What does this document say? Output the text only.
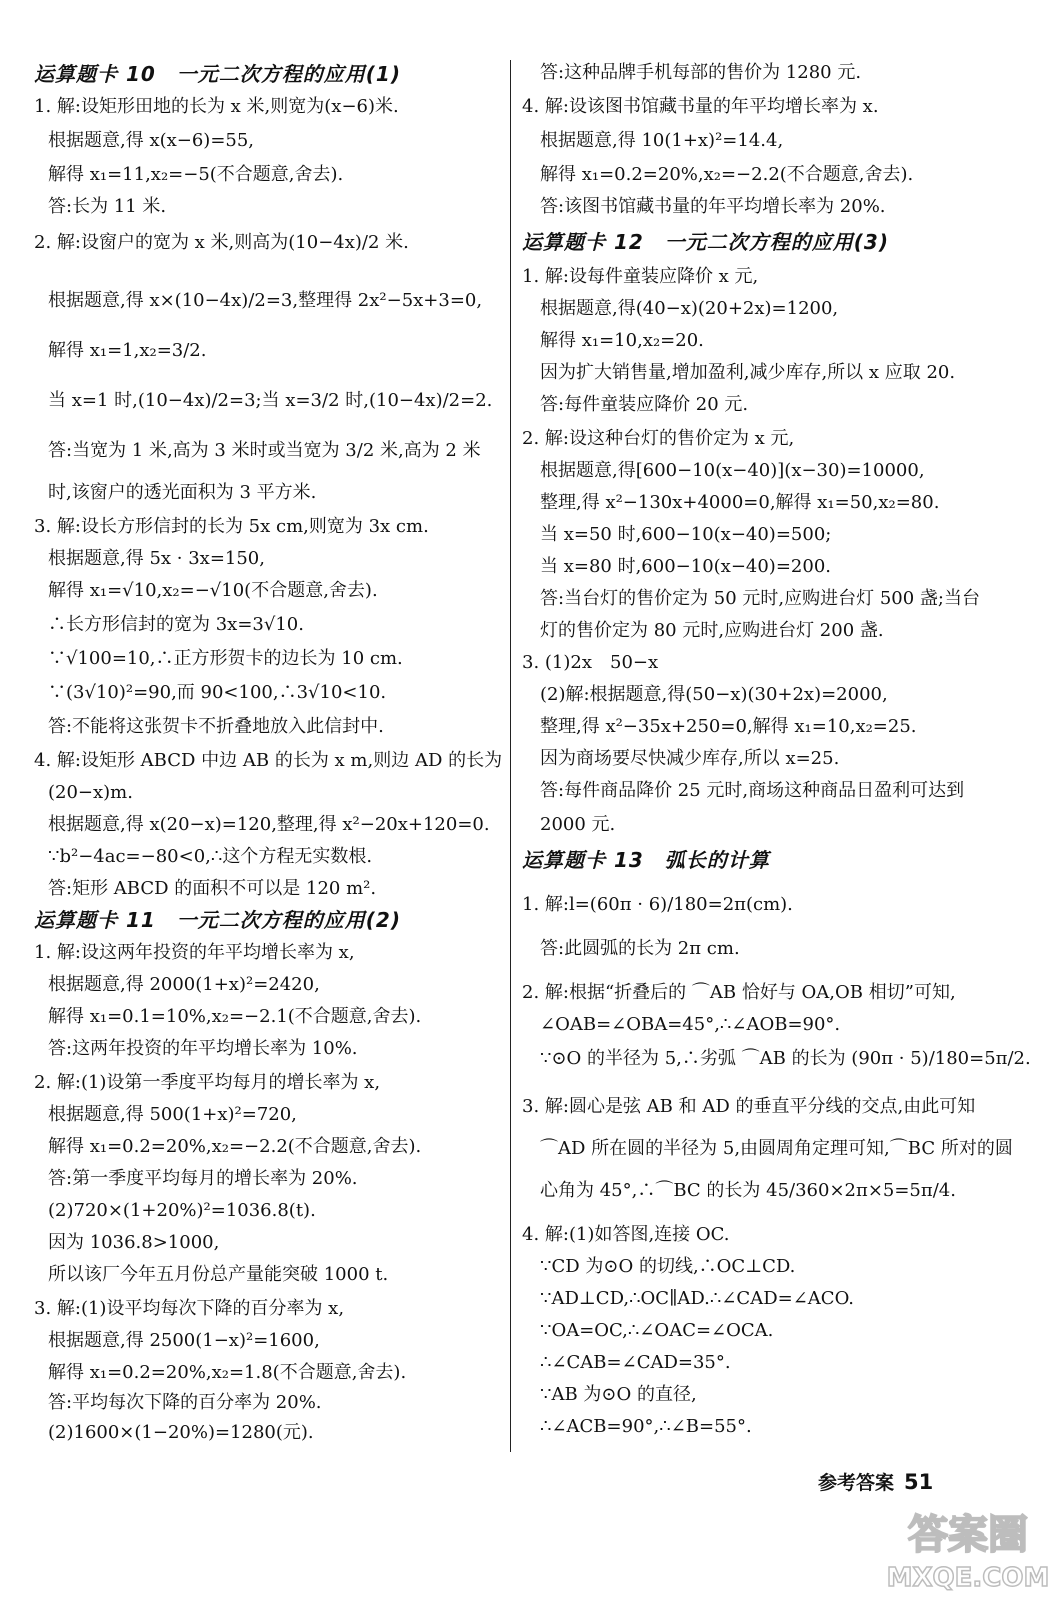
运算题卡 10　一元二次方程的应用(1)
1. 解:设矩形田地的长为 x 米,则宽为(x−6)米.
根据题意,得 x(x−6)=55,
解得 x₁=11,x₂=−5(不合题意,舍去).
答:长为 11 米.
2. 解:设窗户的宽为 x 米,则高为(10−4x)/2 米.
根据题意,得 x×(10−4x)/2=3,整理得 2x²−5x+3=0,
解得 x₁=1,x₂=3/2.
当 x=1 时,(10−4x)/2=3;当 x=3/2 时,(10−4x)/2=2.
答:当宽为 1 米,高为 3 米时或当宽为 3/2 米,高为 2 米
时,该窗户的透光面积为 3 平方米.
3. 解:设长方形信封的长为 5x cm,则宽为 3x cm.
根据题意,得 5x · 3x=150,
解得 x₁=√10,x₂=−√10(不合题意,舍去).
∴长方形信封的宽为 3x=3√10.
∵√100=10,∴正方形贺卡的边长为 10 cm.
∵(3√10)²=90,而 90<100,∴3√10<10.
答:不能将这张贺卡不折叠地放入此信封中.
4. 解:设矩形 ABCD 中边 AB 的长为 x m,则边 AD 的长为
(20−x)m.
根据题意,得 x(20−x)=120,整理,得 x²−20x+120=0.
∵b²−4ac=−80<0,∴这个方程无实数根.
答:矩形 ABCD 的面积不可以是 120 m².
运算题卡 11　一元二次方程的应用(2)
1. 解:设这两年投资的年平均增长率为 x,
根据题意,得 2000(1+x)²=2420,
解得 x₁=0.1=10%,x₂=−2.1(不合题意,舍去).
答:这两年投资的年平均增长率为 10%.
2. 解:(1)设第一季度平均每月的增长率为 x,
根据题意,得 500(1+x)²=720,
解得 x₁=0.2=20%,x₂=−2.2(不合题意,舍去).
答:第一季度平均每月的增长率为 20%.
(2)720×(1+20%)²=1036.8(t).
因为 1036.8>1000,
所以该厂今年五月份总产量能突破 1000 t.
3. 解:(1)设平均每次下降的百分率为 x,
根据题意,得 2500(1−x)²=1600,
解得 x₁=0.2=20%,x₂=1.8(不合题意,舍去).
答:平均每次下降的百分率为 20%.
(2)1600×(1−20%)=1280(元).
答:这种品牌手机每部的售价为 1280 元.
4. 解:设该图书馆藏书量的年平均增长率为 x.
根据题意,得 10(1+x)²=14.4,
解得 x₁=0.2=20%,x₂=−2.2(不合题意,舍去).
答:该图书馆藏书量的年平均增长率为 20%.
运算题卡 12　一元二次方程的应用(3)
1. 解:设每件童装应降价 x 元,
根据题意,得(40−x)(20+2x)=1200,
解得 x₁=10,x₂=20.
因为扩大销售量,增加盈利,减少库存,所以 x 应取 20.
答:每件童装应降价 20 元.
2. 解:设这种台灯的售价定为 x 元,
根据题意,得[600−10(x−40)](x−30)=10000,
整理,得 x²−130x+4000=0,解得 x₁=50,x₂=80.
当 x=50 时,600−10(x−40)=500;
当 x=80 时,600−10(x−40)=200.
答:当台灯的售价定为 50 元时,应购进台灯 500 盏;当台
灯的售价定为 80 元时,应购进台灯 200 盏.
3. (1)2x　50−x
(2)解:根据题意,得(50−x)(30+2x)=2000,
整理,得 x²−35x+250=0,解得 x₁=10,x₂=25.
因为商场要尽快减少库存,所以 x=25.
答:每件商品降价 25 元时,商场这种商品日盈利可达到
2000 元.
运算题卡 13　弧长的计算
1. 解:l=(60π · 6)/180=2π(cm).
答:此圆弧的长为 2π cm.
2. 解:根据“折叠后的 ⌒AB 恰好与 OA,OB 相切”可知,
∠OAB=∠OBA=45°,∴∠AOB=90°.
∵⊙O 的半径为 5,∴劣弧 ⌒AB 的长为 (90π · 5)/180=5π/2.
3. 解:圆心是弦 AB 和 AD 的垂直平分线的交点,由此可知
⌒AD 所在圆的半径为 5,由圆周角定理可知,⌒BC 所对的圆
心角为 45°,∴⌒BC 的长为 45/360×2π×5=5π/4.
4. 解:(1)如答图,连接 OC.
∵CD 为⊙O 的切线,∴OC⊥CD.
∵AD⊥CD,∴OC∥AD.∴∠CAD=∠ACO.
∵OA=OC,∴∠OAC=∠OCA.
∴∠CAB=∠CAD=35°.
∵AB 为⊙O 的直径,
∴∠ACB=90°,∴∠B=55°.
参考答案 51
答案圈
MXQE.COM
